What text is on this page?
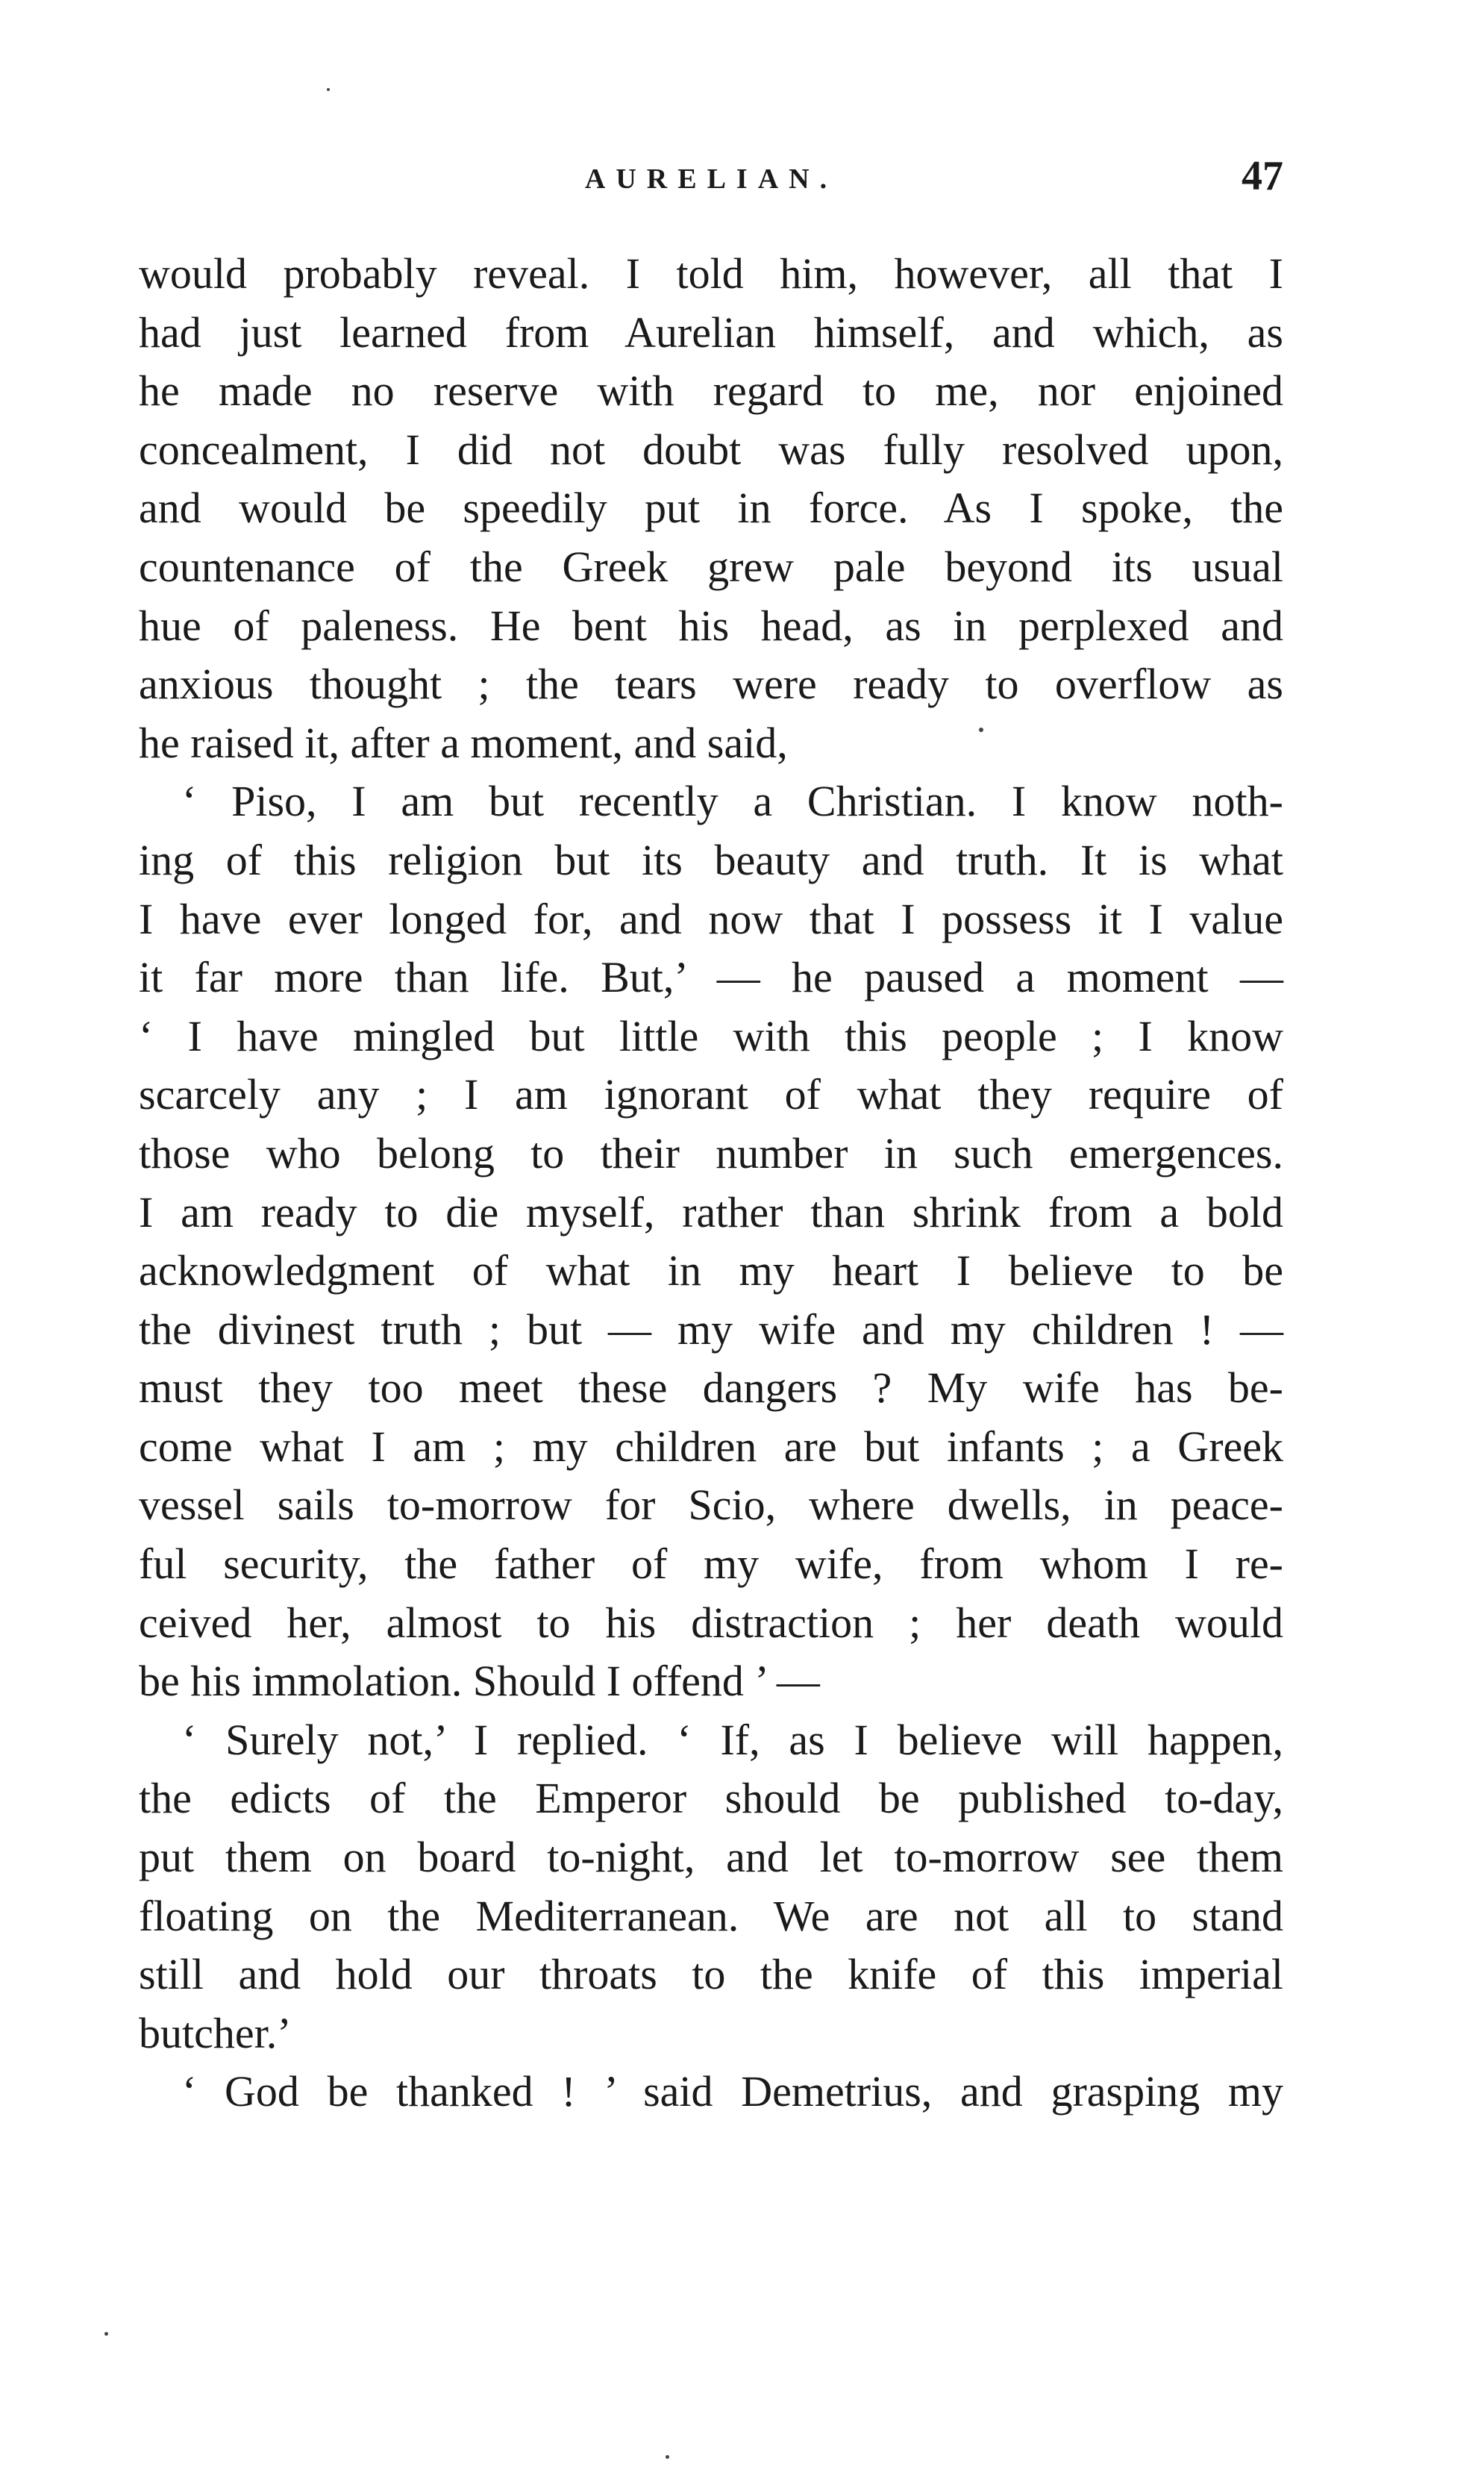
AURELIAN.	47
would probably reveal. I told him, however, all that I
had just learned from Aurelian himself, and which, as
he made no reserve with regard to me, nor enjoined
concealment, I did not doubt was fully resolved upon,
and would be speedily put in force. As I spoke, the
countenance of the Greek grew pale beyond its usual
hue of paleness. He bent his head, as in perplexed and
anxious thought ; the tears were ready to overflow as
he raised it, after a moment, and said,
‘ Piso, I am but recently a Christian. I know noth-
ing of this religion but its beauty and truth. It is what
I have ever longed for, and now that I possess it I value
it far more than life. But,’ — he paused a moment —
‘ I have mingled but little with this people ; I know
scarcely any ; I am ignorant of what they require of
those who belong to their number in such emergences.
I am ready to die myself, rather than shrink from a bold
acknowledgment of what in my heart I believe to be
the divinest truth ; but — my wife and my children ! —
must they too meet these dangers ? My wife has be-
come what I am ; my children are but infants ; a Greek
vessel sails to-morrow for Scio, where dwells, in peace-
ful security, the father of my wife, from whom I re-
ceived her, almost to his distraction ; her death would
be his immolation. Should I offend ’ —
‘ Surely not,’ I replied. ‘ If, as I believe will happen,
the edicts of the Emperor should be published to-day,
put them on board to-night, and let to-morrow see them
floating on the Mediterranean. We are not all to stand
still and hold our throats to the knife of this imperial
butcher.’
‘ God be thanked ! ’ said Demetrius, and grasping my
